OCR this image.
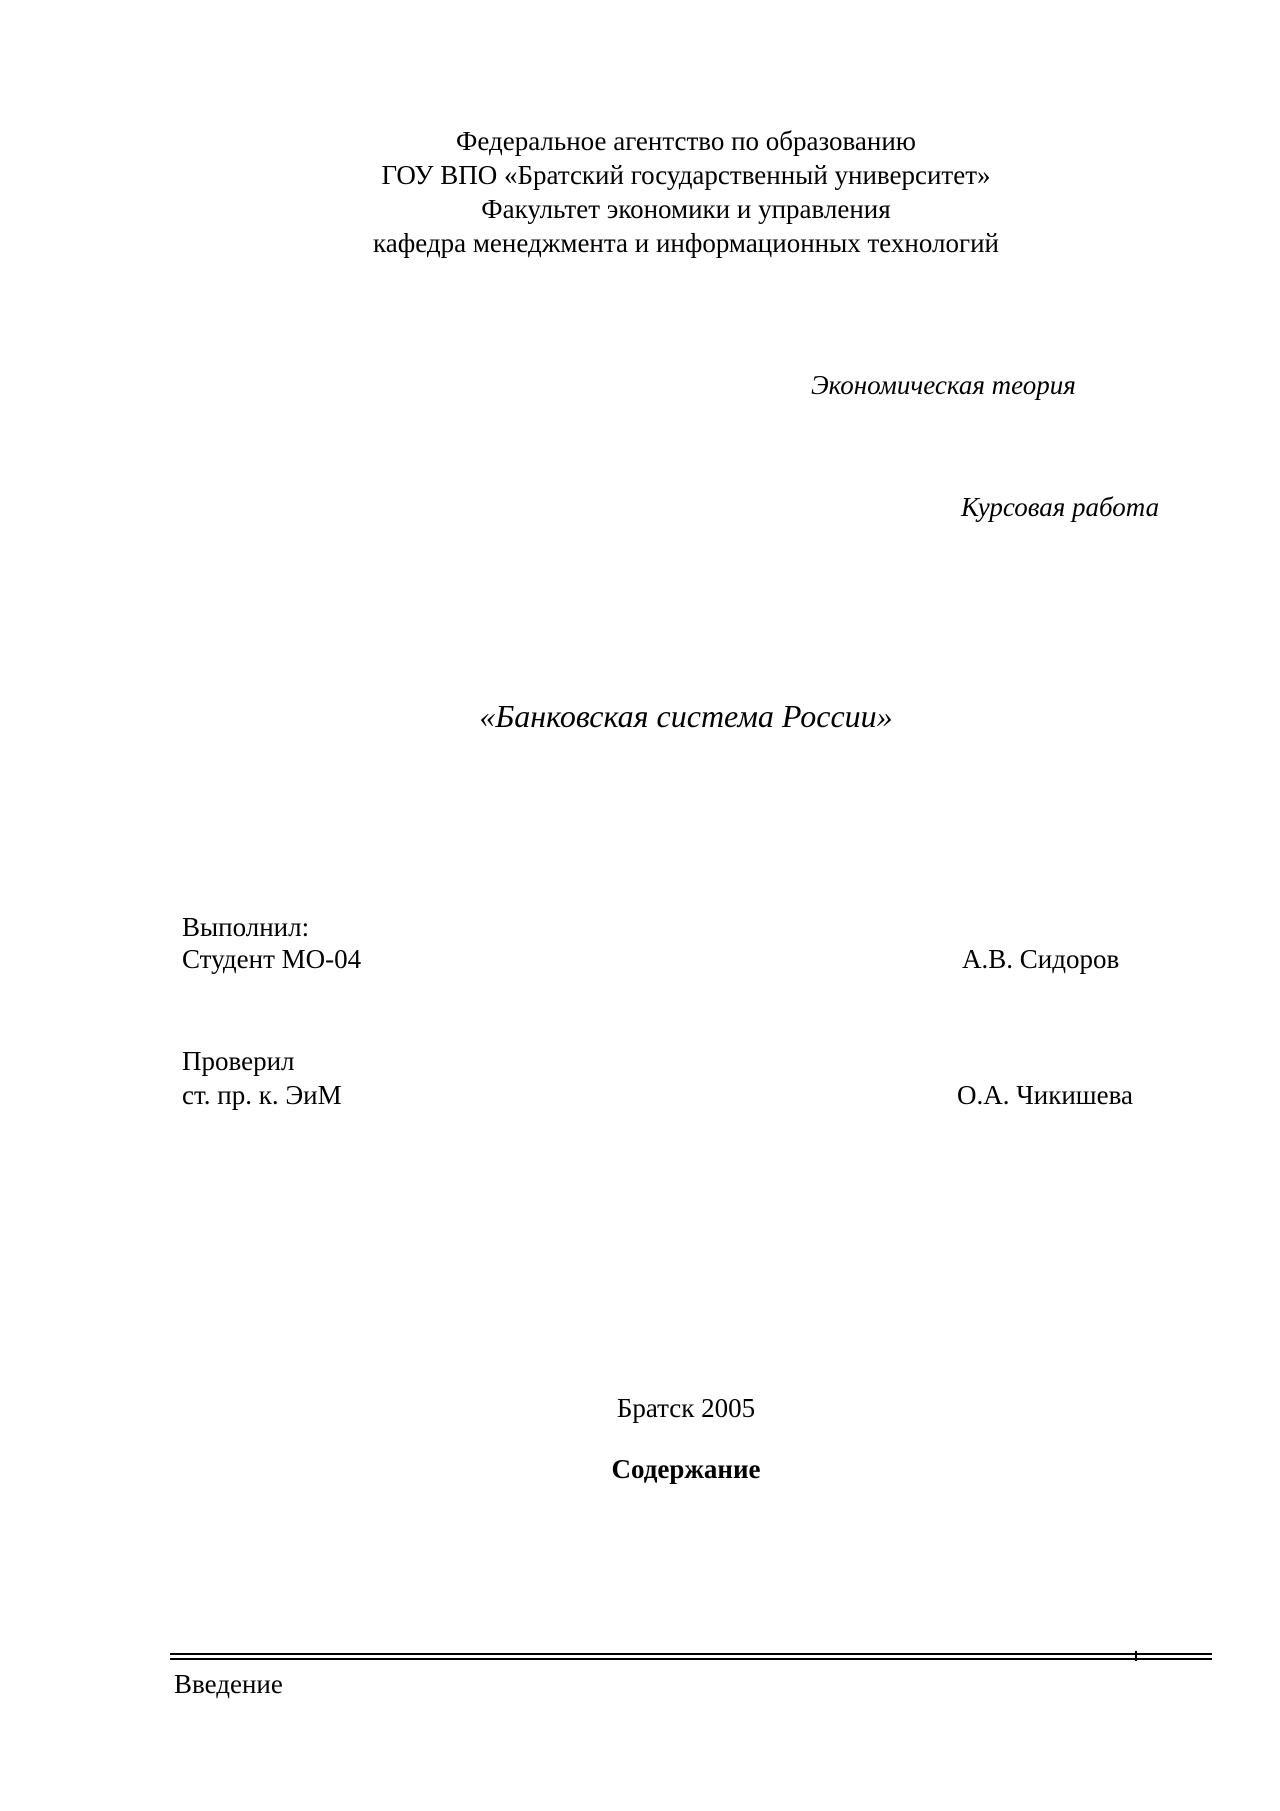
Федеральное агентство по образованию
ГОУ ВПО «Братский государственный университет»
Факультет экономики и управления
кафедра менеджмента и информационных технологий
Экономическая теория
Курсовая работа
«Банковская система России»
Выполнил:
Студент МО-04	А.В. Сидоров
Проверил
ст. пр. к. ЭиМ	О.А. Чикишева
Братск 2005
Содержание
Введение
